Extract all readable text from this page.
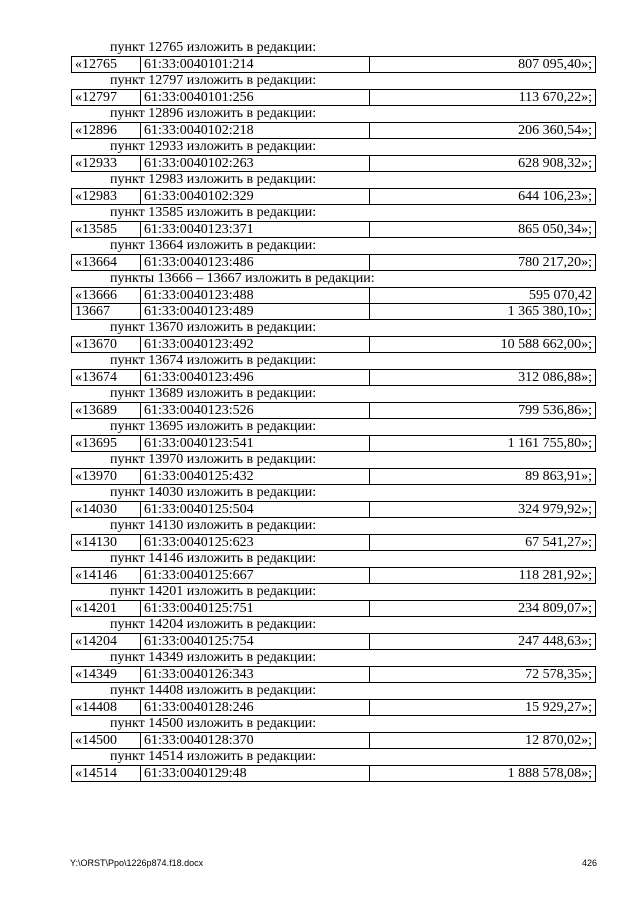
пункт 12765 изложить в редакции:
«12765	61:33:0040101:214	807 095,40»;
пункт 12797 изложить в редакции:
«12797	61:33:0040101:256	113 670,22»;
пункт 12896 изложить в редакции:
«12896	61:33:0040102:218	206 360,54»;
пункт 12933 изложить в редакции:
«12933	61:33:0040102:263	628 908,32»;
пункт 12983 изложить в редакции:
«12983	61:33:0040102:329	644 106,23»;
пункт 13585 изложить в редакции:
«13585	61:33:0040123:371	865 050,34»;
пункт 13664 изложить в редакции:
«13664	61:33:0040123:486	780 217,20»;
пункты 13666 – 13667 изложить в редакции:
«13666	61:33:0040123:488	595 070,42
13667	61:33:0040123:489	1 365 380,10»;
пункт 13670 изложить в редакции:
«13670	61:33:0040123:492	10 588 662,00»;
пункт 13674 изложить в редакции:
«13674	61:33:0040123:496	312 086,88»;
пункт 13689 изложить в редакции:
«13689	61:33:0040123:526	799 536,86»;
пункт 13695 изложить в редакции:
«13695	61:33:0040123:541	1 161 755,80»;
пункт 13970 изложить в редакции:
«13970	61:33:0040125:432	89 863,91»;
пункт 14030 изложить в редакции:
«14030	61:33:0040125:504	324 979,92»;
пункт 14130 изложить в редакции:
«14130	61:33:0040125:623	67 541,27»;
пункт 14146 изложить в редакции:
«14146	61:33:0040125:667	118 281,92»;
пункт 14201 изложить в редакции:
«14201	61:33:0040125:751	234 809,07»;
пункт 14204 изложить в редакции:
«14204	61:33:0040125:754	247 448,63»;
пункт 14349 изложить в редакции:
«14349	61:33:0040126:343	72 578,35»;
пункт 14408 изложить в редакции:
«14408	61:33:0040128:246	15 929,27»;
пункт 14500 изложить в редакции:
«14500	61:33:0040128:370	12 870,02»;
пункт 14514 изложить в редакции:
«14514	61:33:0040129:48	1 888 578,08»;
Y:\ORST\Ppo\1226p874.f18.docx	426
